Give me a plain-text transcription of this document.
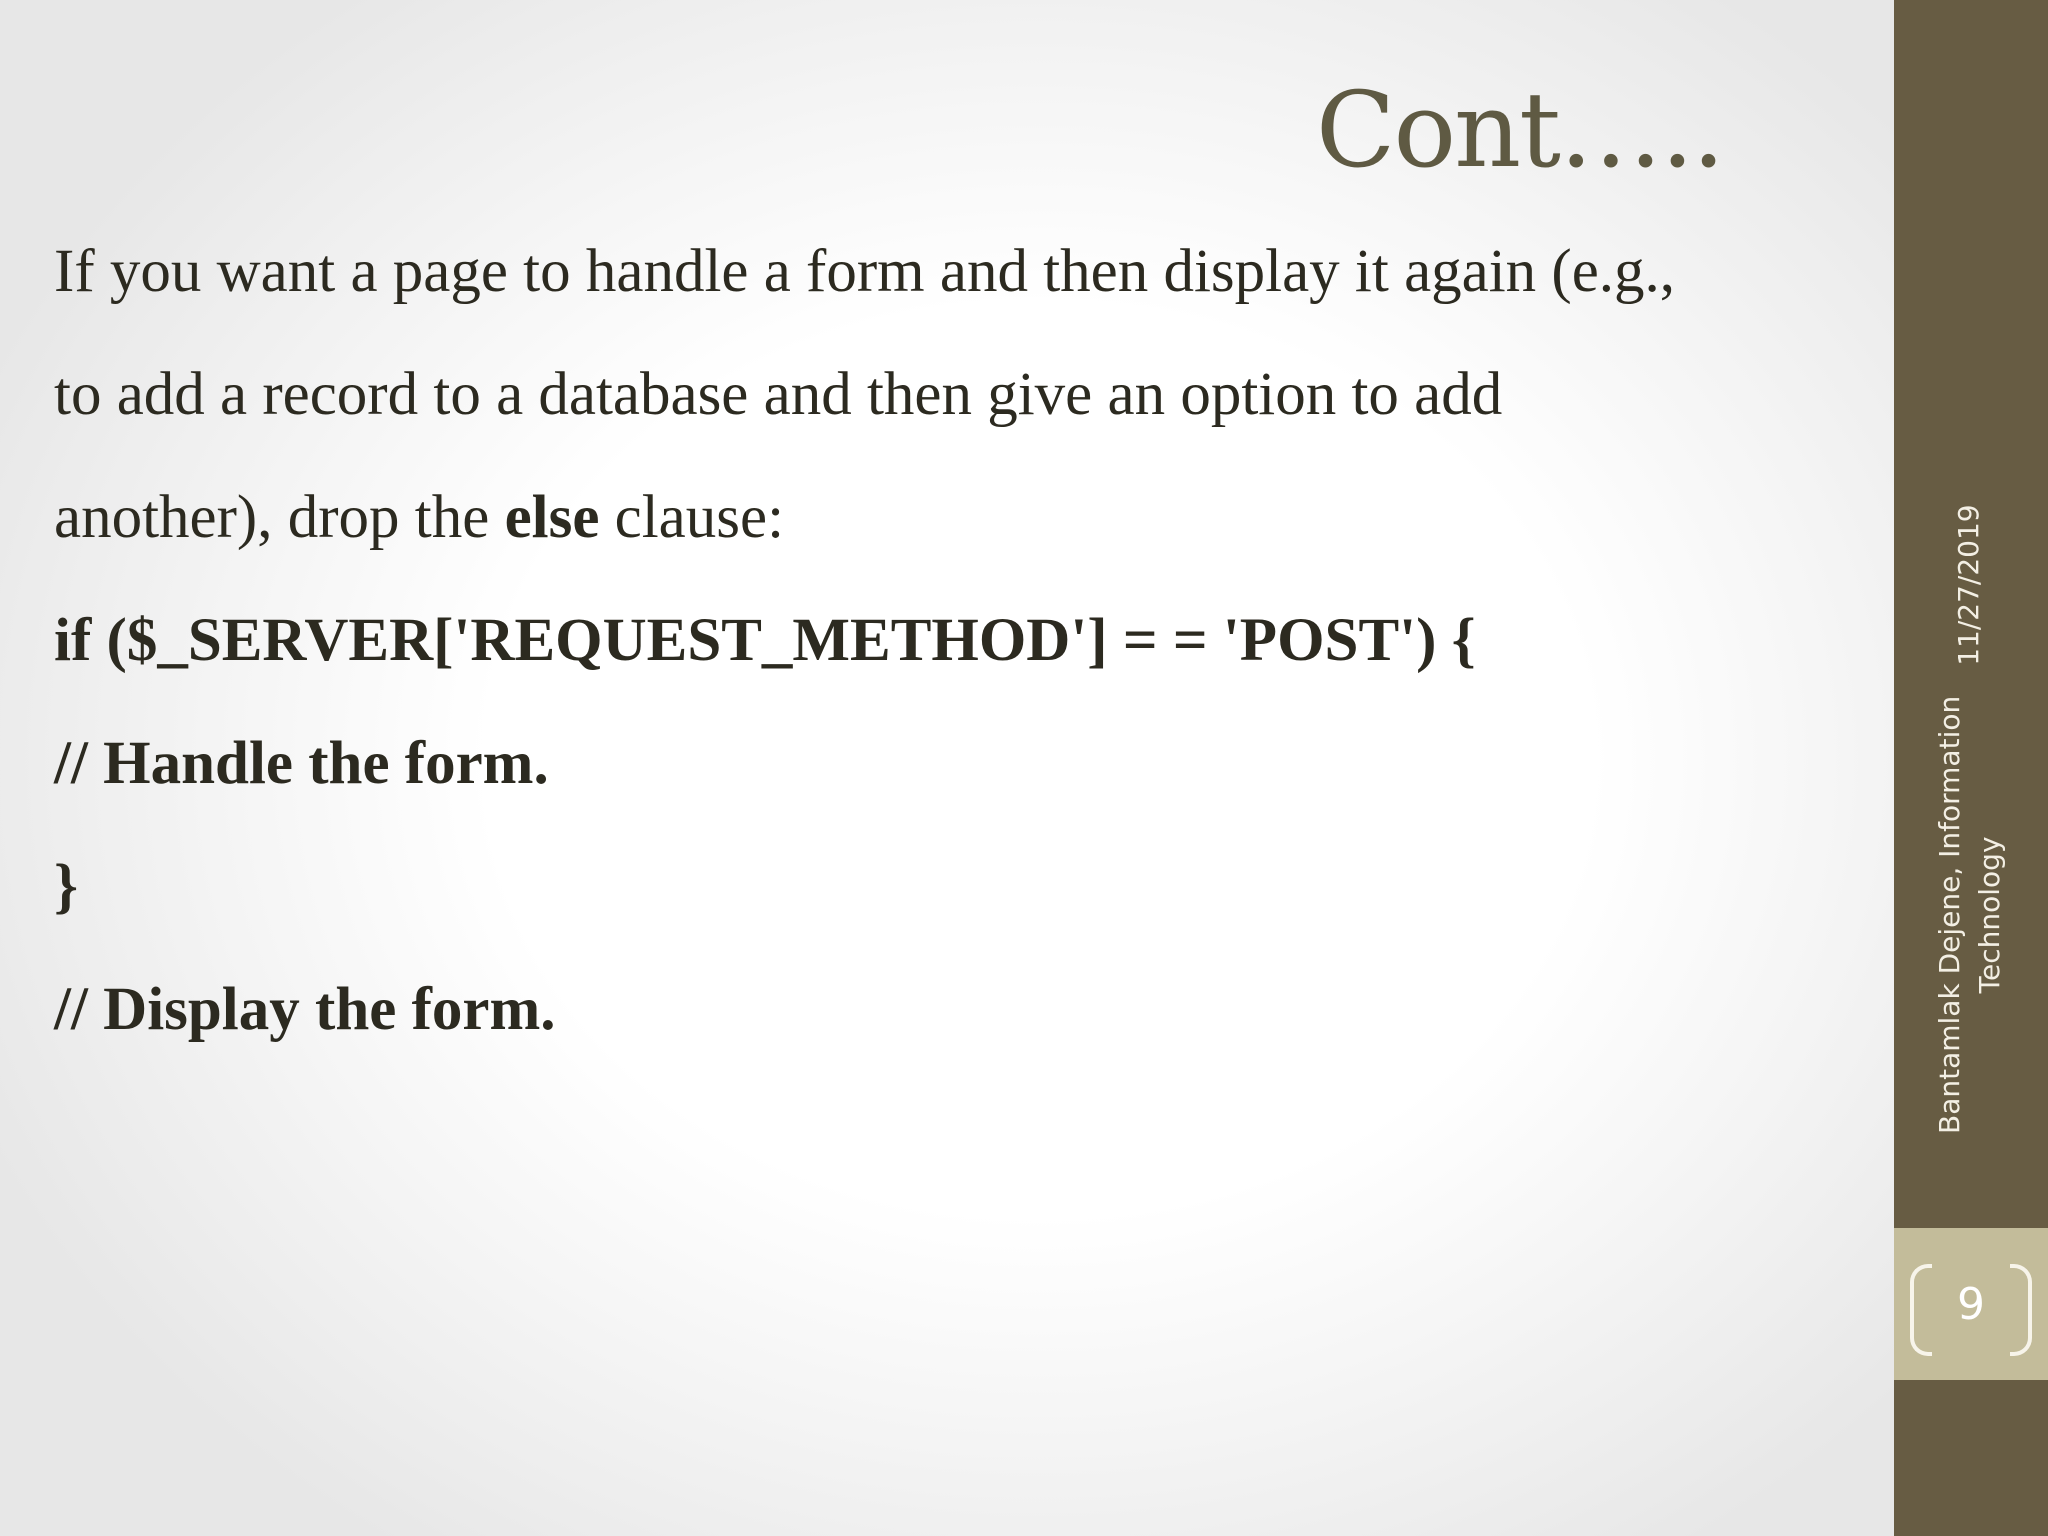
Cont…..
If you want a page to handle a form and then display it again (e.g.,
to add a record to a database and then give an option to add
another), drop the else clause:
if ($_SERVER['REQUEST_METHOD'] = = 'POST') {
// Handle the form.
}
// Display the form.	Bantamlak Dejene, Information Technology11/27/2019
9
